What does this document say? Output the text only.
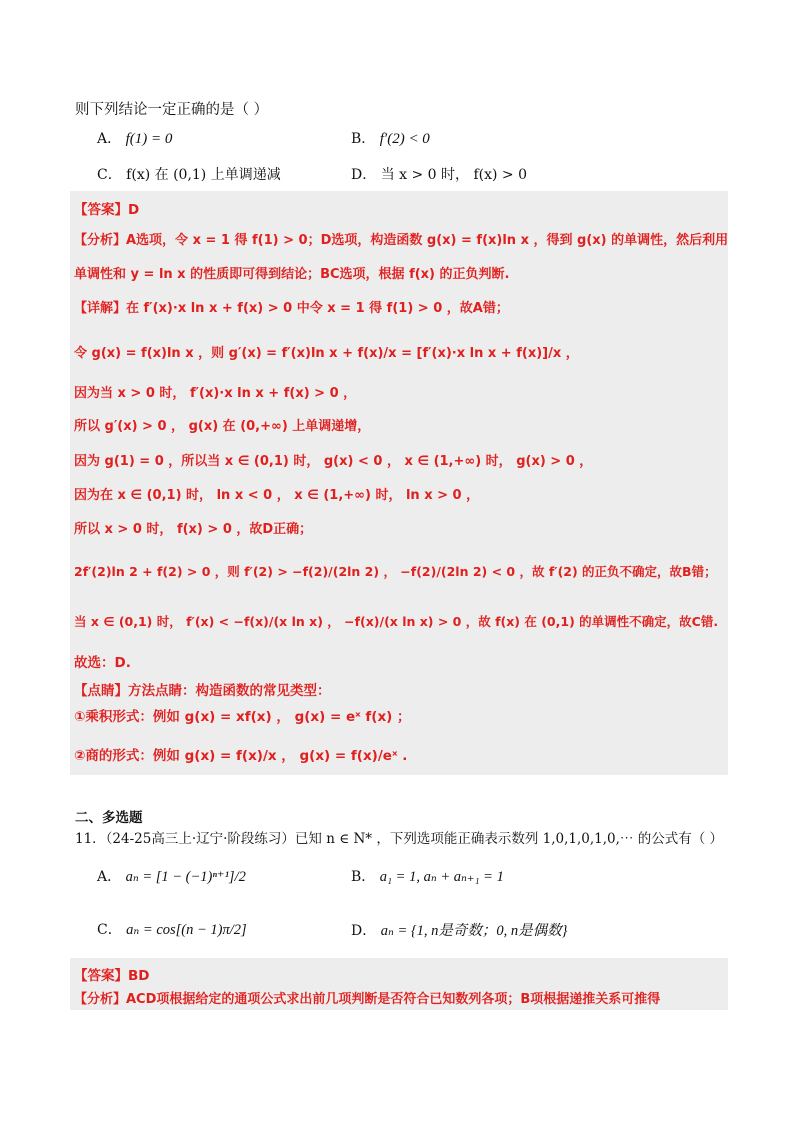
则下列结论一定正确的是（ ）
A． f(1) = 0	B． f′(2) < 0
C． f(x) 在 (0,1) 上单调递减	D． 当 x > 0 时， f(x) > 0
【答案】D
【分析】A选项，令 x = 1 得 f(1) > 0；D选项，构造函数 g(x) = f(x)ln x ，得到 g(x) 的单调性，然后利用
单调性和 y = ln x 的性质即可得到结论；BC选项，根据 f(x) 的正负判断.
【详解】在 f′(x)·x ln x + f(x) > 0 中令 x = 1 得 f(1) > 0 ，故A错；
令 g(x) = f(x)ln x ，则 g′(x) = f′(x)ln x + f(x)/x = [f′(x)·x ln x + f(x)]/x ，
因为当 x > 0 时， f′(x)·x ln x + f(x) > 0 ，
所以 g′(x) > 0 ， g(x) 在 (0,+∞) 上单调递增，
因为 g(1) = 0 ，所以当 x ∈ (0,1) 时， g(x) < 0 ， x ∈ (1,+∞) 时， g(x) > 0 ，
因为在 x ∈ (0,1) 时， ln x < 0 ， x ∈ (1,+∞) 时， ln x > 0 ，
所以 x > 0 时， f(x) > 0 ，故D正确；
2f′(2)ln 2 + f(2) > 0 ，则 f′(2) > −f(2)/(2ln 2) ， −f(2)/(2ln 2) < 0 ，故 f′(2) 的正负不确定，故B错；
当 x ∈ (0,1) 时， f′(x) < −f(x)/(x ln x) ， −f(x)/(x ln x) > 0 ，故 f(x) 在 (0,1) 的单调性不确定，故C错.
故选：D.
【点睛】方法点睛：构造函数的常见类型：
①乘积形式：例如 g(x) = xf(x) ， g(x) = eˣ f(x) ；
②商的形式：例如 g(x) = f(x)/x ， g(x) = f(x)/eˣ .
二、多选题
11．（24-25高三上·辽宁·阶段练习）已知 n ∈ N* ，下列选项能正确表示数列 1,0,1,0,1,0,⋯ 的公式有（ ）
A． aₙ = [1 − (−1)ⁿ⁺¹]/2	B． a₁ = 1, aₙ + aₙ₊₁ = 1
C． aₙ = cos[(n − 1)π/2]	D． aₙ = {1, n是奇数；0, n是偶数}
【答案】BD
【分析】ACD项根据给定的通项公式求出前几项判断是否符合已知数列各项；B项根据递推关系可推得
